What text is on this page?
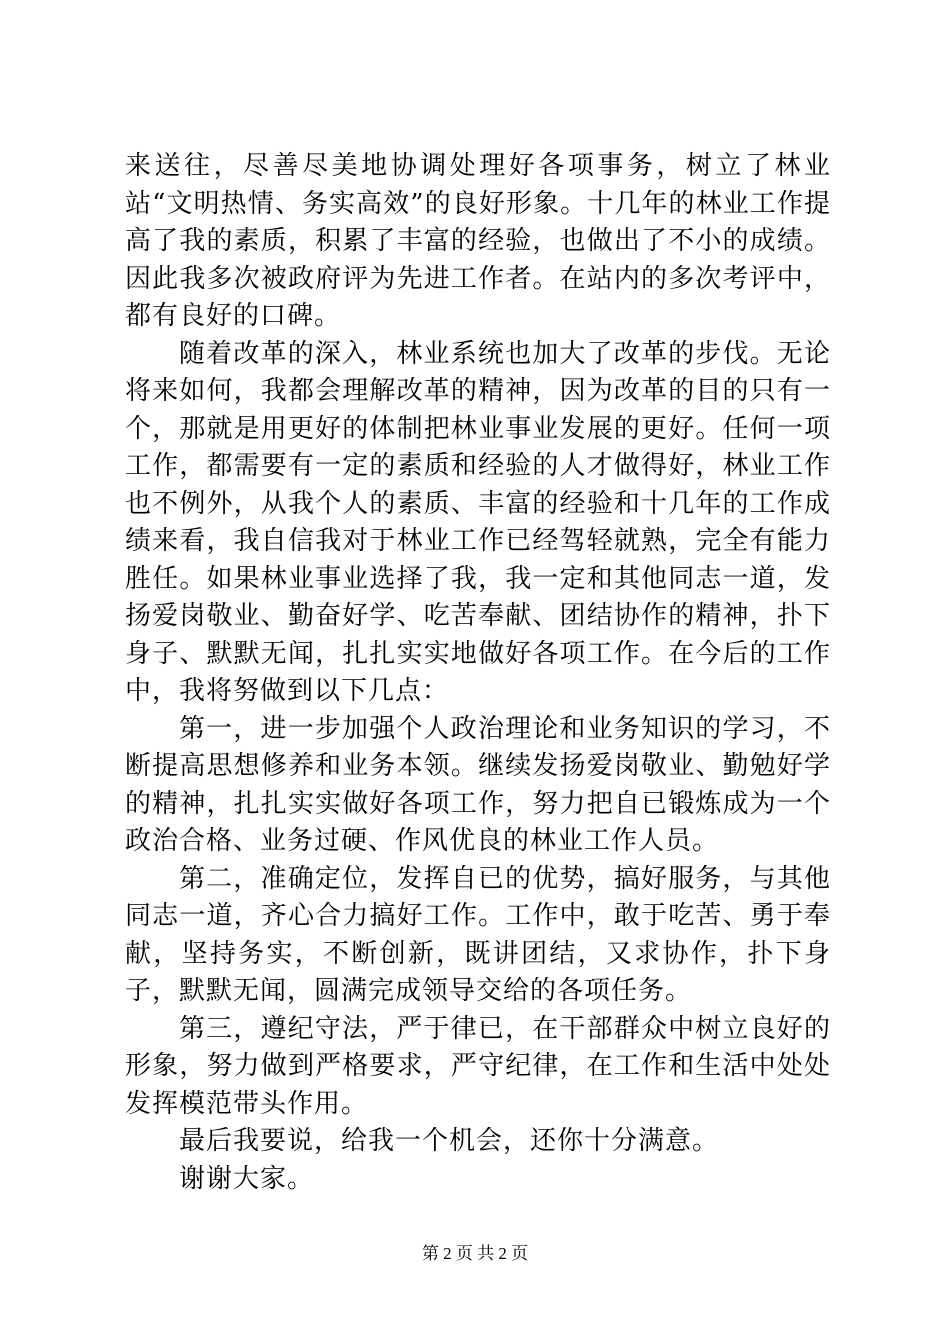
来送往，尽善尽美地协调处理好各项事务，树立了林业站“文明热情、务实高效”的良好形象。十几年的林业工作提高了我的素质，积累了丰富的经验，也做出了不小的成绩。因此我多次被政府评为先进工作者。在站内的多次考评中，都有良好的口碑。

随着改革的深入，林业系统也加大了改革的步伐。无论将来如何，我都会理解改革的精神，因为改革的目的只有一个，那就是用更好的体制把林业事业发展的更好。任何一项工作，都需要有一定的素质和经验的人才做得好，林业工作也不例外，从我个人的素质、丰富的经验和十几年的工作成绩来看，我自信我对于林业工作已经驾轻就熟，完全有能力胜任。如果林业事业选择了我，我一定和其他同志一道，发扬爱岗敬业、勤奋好学、吃苦奉献、团结协作的精神，扑下身子、默默无闻，扎扎实实地做好各项工作。在今后的工作中，我将努做到以下几点：

第一，进一步加强个人政治理论和业务知识的学习，不断提高思想修养和业务本领。继续发扬爱岗敬业、勤勉好学的精神，扎扎实实做好各项工作，努力把自已锻炼成为一个政治合格、业务过硬、作风优良的林业工作人员。

第二，准确定位，发挥自已的优势，搞好服务，与其他同志一道，齐心合力搞好工作。工作中，敢于吃苦、勇于奉献，坚持务实，不断创新，既讲团结，又求协作，扑下身子，默默无闻，圆满完成领导交给的各项任务。

第三，遵纪守法，严于律已，在干部群众中树立良好的形象，努力做到严格要求，严守纪律，在工作和生活中处处发挥模范带头作用。

最后我要说，给我一个机会，还你十分满意。

谢谢大家。

第 2 页 共 2 页
